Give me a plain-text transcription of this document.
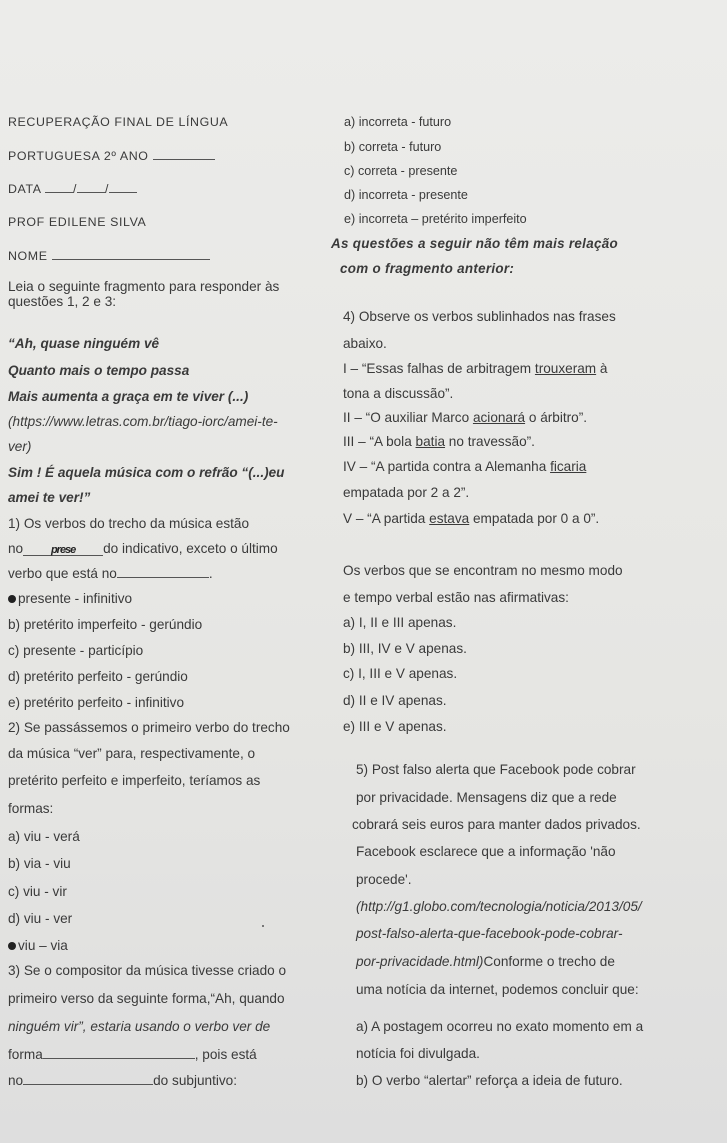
RECUPERAÇÃO FINAL DE LÍNGUA
PORTUGUESA 2º ANO
DATA	/ /
PROF EDILENE SILVA
NOME
Leia o seguinte fragmento para responder às
questões 1, 2 e 3:
“Ah, quase ninguém vê
Quanto mais o tempo passa
Mais aumenta a graça em te viver (...)
(https://www.letras.com.br/tiago-iorc/amei-te-
ver)
Sim ! É aquela música com o refrão “(...)eu
amei te ver!”
1) Os verbos do trecho da música estão
no	prese do indicativo, exceto o último
verbo que está no	.
presente - infinitivo
b) pretérito imperfeito - gerúndio
c) presente - particípio
d) pretérito perfeito - gerúndio
e) pretérito perfeito - infinitivo
2) Se passássemos o primeiro verbo do trecho
da música “ver” para, respectivamente, o
pretérito perfeito e imperfeito, teríamos as
formas:
a) viu - verá
b) via - viu
c) viu - vir
d) viu - ver
viu – via
3) Se o compositor da música tivesse criado o
primeiro verso da seguinte forma,“Ah, quando
ninguém vir”, estaria usando o verbo ver de
forma	, pois está
no	do subjuntivo:
a) incorreta - futuro
b) correta - futuro
c) correta - presente
d) incorreta - presente
e) incorreta – pretérito imperfeito
As questões a seguir não têm mais relação
com o fragmento anterior:
4) Observe os verbos sublinhados nas frases
abaixo.
I – “Essas falhas de arbitragem trouxeram à
tona a discussão”.
II – “O auxiliar Marco acionará o árbitro”.
III – “A bola batia no travessão”.
IV – “A partida contra a Alemanha ficaria
empatada por 2 a 2”.
V – “A partida estava empatada por 0 a 0”.
Os verbos que se encontram no mesmo modo
e tempo verbal estão nas afirmativas:
a) I, II e III apenas.
b) III, IV e V apenas.
c) I, III e V apenas.
d) II e IV apenas.
e) III e V apenas.
5) Post falso alerta que Facebook pode cobrar
por privacidade. Mensagens diz que a rede
cobrará seis euros para manter dados privados.
Facebook esclarece que a informação 'não
procede'.
(http://g1.globo.com/tecnologia/noticia/2013/05/
post-falso-alerta-que-facebook-pode-cobrar-
por-privacidade.html)Conforme o trecho de
uma notícia da internet, podemos concluir que:
a) A postagem ocorreu no exato momento em a
notícia foi divulgada.
b) O verbo “alertar” reforça a ideia de futuro.
